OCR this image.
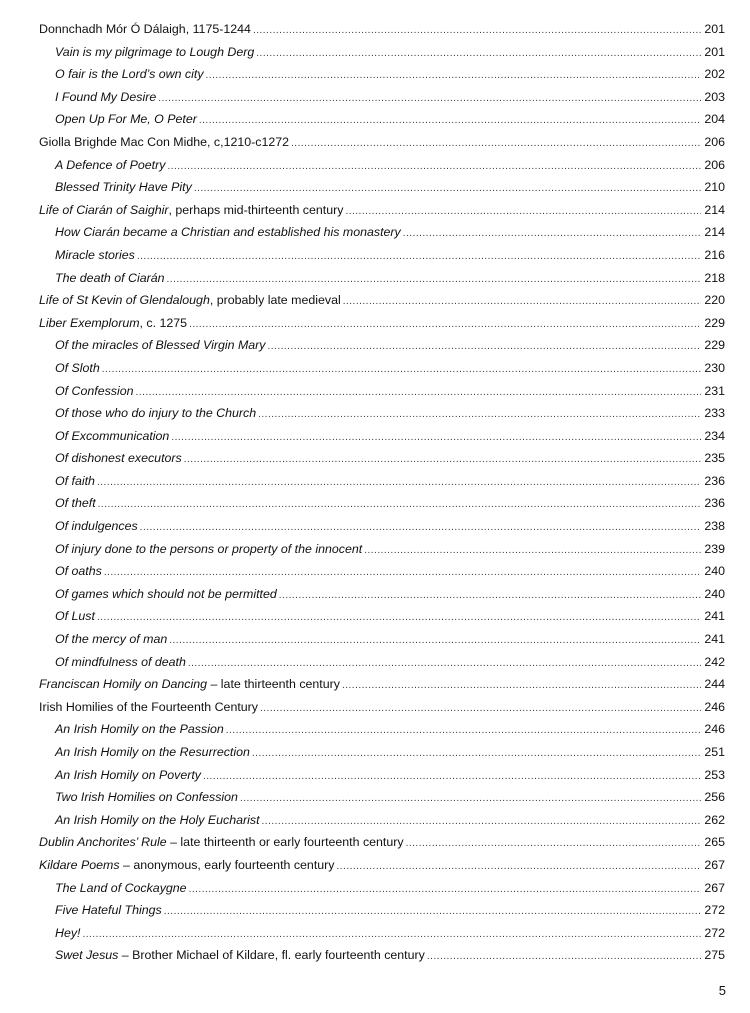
Donnchadh Mór Ó Dálaigh, 1175-1244 .....	201
Vain is my pilgrimage to Lough Derg .....	201
O fair is the Lord’s own city .....	202
I Found My Desire .....	203
Open Up For Me, O Peter .....	204
Giolla Brighde Mac Con Midhe, c,1210-c1272 .....	206
A Defence of Poetry .....	206
Blessed Trinity Have Pity .....	210
Life of Ciarán of Saighir, perhaps mid-thirteenth century .....	214
How Ciarán became a Christian and established his monastery .....	214
Miracle stories .....	216
The death of Ciarán .....	218
Life of St Kevin of Glendalough, probably late medieval .....	220
Liber Exemplorum, c. 1275 .....	229
Of the miracles of Blessed Virgin Mary .....	229
Of Sloth .....	230
Of Confession .....	231
Of those who do injury to the Church .....	233
Of Excommunication .....	234
Of dishonest executors .....	235
Of faith .....	236
Of theft .....	236
Of indulgences .....	238
Of injury done to the persons or property of the innocent .....	239
Of oaths .....	240
Of games which should not be permitted .....	240
Of Lust .....	241
Of the mercy of man .....	241
Of mindfulness of death .....	242
Franciscan Homily on Dancing – late thirteenth century .....	244
Irish Homilies of the Fourteenth Century .....	246
An Irish Homily on the Passion .....	246
An Irish Homily on the Resurrection .....	251
An Irish Homily on Poverty .....	253
Two Irish Homilies on Confession .....	256
An Irish Homily on the Holy Eucharist .....	262
Dublin Anchorites’ Rule – late thirteenth or early fourteenth century .....	265
Kildare Poems – anonymous, early fourteenth century .....	267
The Land of Cockaygne .....	267
Five Hateful Things .....	272
Hey! .....	272
Swet Jesus – Brother Michael of Kildare, fl. early fourteenth century .....	275
5
